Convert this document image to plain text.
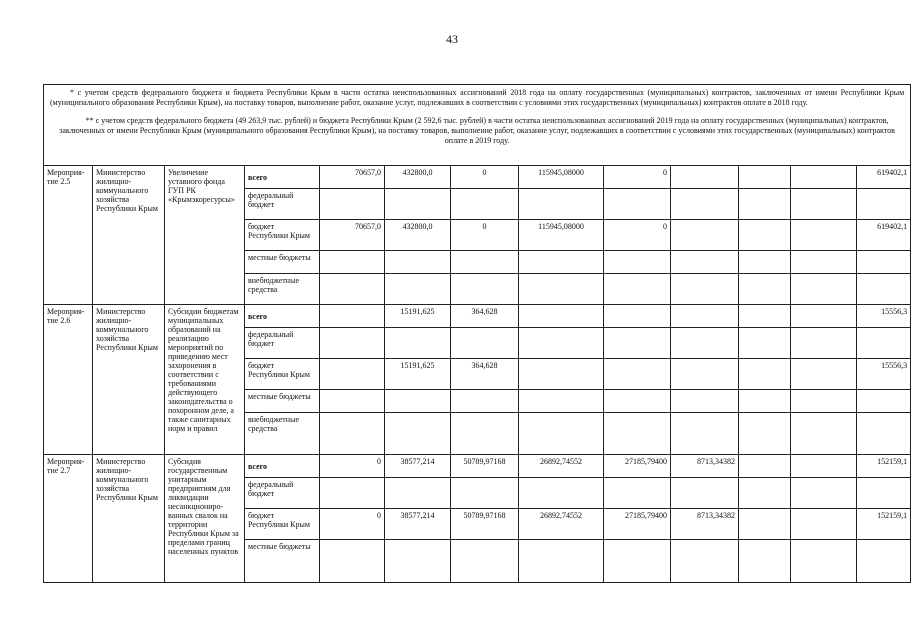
43
* с учетом средств федерального бюджета и бюджета Республики Крым в части остатка неиспользованных ассигнований 2018 года на оплату государственных (муниципальных) контрактов, заключенных от имени Республики Крым (муниципального образования Республики Крым), на поставку товаров, выполнение работ, оказание услуг, подлежавших в соответствии с условиями этих государственных (муниципальных) контрактов оплате в 2018 году.
** с учетом средств федерального бюджета (49 263,9 тыс. рублей) и бюджета Республики Крым (2 592,6 тыс. рублей) в части остатка неиспользованных ассигнований 2019 года на оплату государственных (муниципальных) контрактов, заключенных от имени Республики Крым (муниципального образования Республики Крым), на поставку товаров, выполнение работ, оказание услуг, подлежавших в соответствии с условиями этих государственных (муниципальных) контрактов оплате в 2019 году.												

Мероприя-тие 2.5	Министерство жилищно-коммунального хозяйства Республики Крым	Увеличение уставного фонда ГУП РК «Крымэкоресурсы»	всего	70657,0	432800,0	0	115945,08000	0				619402,1
			федеральный бюджет									
			бюджет Республики Крым	70657,0	432800,0	0	115945,08000	0				619402,1
			местные бюджеты									
			внебюджетные средства									
Мероприя-тие 2.6	Министерство жилищно-коммунального хозяйства Республики Крым	Субсидии бюджетам муниципальных образований на реализацию мероприятий по приведению мест захоронения в соответствии с требованиями действующего законодательства о похоронном деле, а также санитарных норм и правил	всего		15191,625	364,628						15556,3
			федеральный бюджет									
			бюджет Республики Крым		15191,625	364,628						15556,3
			местные бюджеты									
			внебюджетные средства									
Мероприя-тие 2.7	Министерство жилищно-коммунального хозяйства Республики Крым	Субсидия государственным унитарным предприятиям для ликвидации несанкциониро-ванных свалок на территории Республики Крым за пределами границ населенных пунктов	всего	0	38577,214	50789,97168	26892,74552	27185,79400	8713,34382			152159,1
			федеральный бюджет									
			бюджет Республики Крым	0	38577,214	50789,97168	26892,74552	27185,79400	8713,34382			152159,1
			местные бюджеты									
